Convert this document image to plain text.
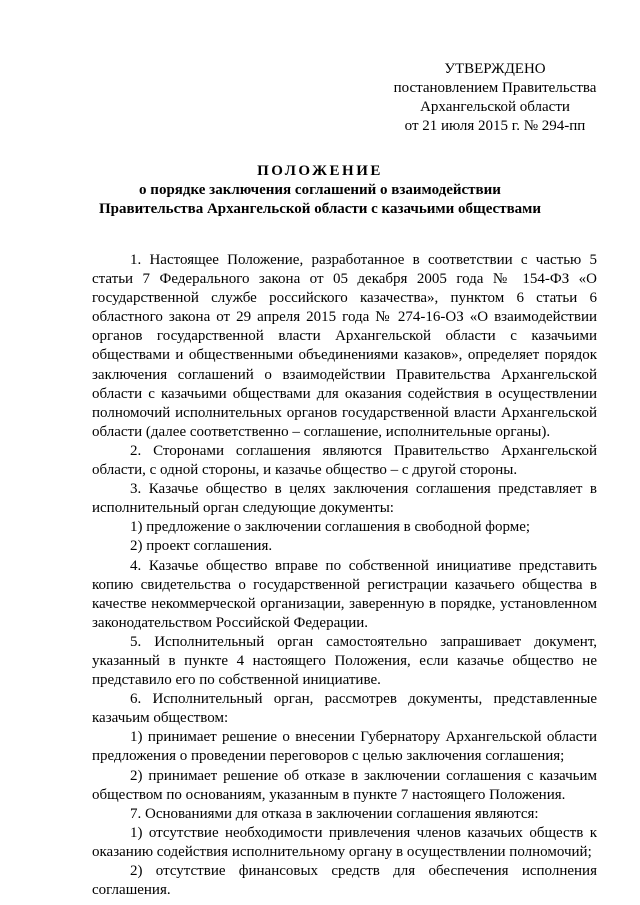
УТВЕРЖДЕНО
постановлением Правительства
Архангельской области
от 21 июля 2015 г. № 294-пп
ПОЛОЖЕНИЕ
о порядке заключения соглашений о взаимодействии
Правительства Архангельской области с казачьими обществами

1. Настоящее Положение, разработанное в соответствии с частью 5 статьи 7 Федерального закона от 05 декабря 2005 года № 154-ФЗ «О государственной службе российского казачества», пунктом 6 статьи 6 областного закона от 29 апреля 2015 года № 274-16-ОЗ «О взаимодействии органов государственной власти Архангельской области с казачьими обществами и общественными объединениями казаков», определяет порядок заключения соглашений о взаимодействии Правительства Архангельской области с казачьими обществами для оказания содействия в осуществлении полномочий исполнительных органов государственной власти Архангельской области (далее соответственно – соглашение, исполнительные органы).

2. Сторонами соглашения являются Правительство Архангельской области, с одной стороны, и казачье общество – с другой стороны.

3. Казачье общество в целях заключения соглашения представляет в исполнительный орган следующие документы:

1) предложение о заключении соглашения в свободной форме;

2) проект соглашения.

4. Казачье общество вправе по собственной инициативе представить копию свидетельства о государственной регистрации казачьего общества в качестве некоммерческой организации, заверенную в порядке, установленном законодательством Российской Федерации.

5. Исполнительный орган самостоятельно запрашивает документ, указанный в пункте 4 настоящего Положения, если казачье общество не представило его по собственной инициативе.

6. Исполнительный орган, рассмотрев документы, представленные казачьим обществом:

1) принимает решение о внесении Губернатору Архангельской области предложения о проведении переговоров с целью заключения соглашения;

2) принимает решение об отказе в заключении соглашения с казачьим обществом по основаниям, указанным в пункте 7 настоящего Положения.

7. Основаниями для отказа в заключении соглашения являются:

1) отсутствие необходимости привлечения членов казачьих обществ к оказанию содействия исполнительному органу в осуществлении полномочий;

2) отсутствие финансовых средств для обеспечения исполнения соглашения.
